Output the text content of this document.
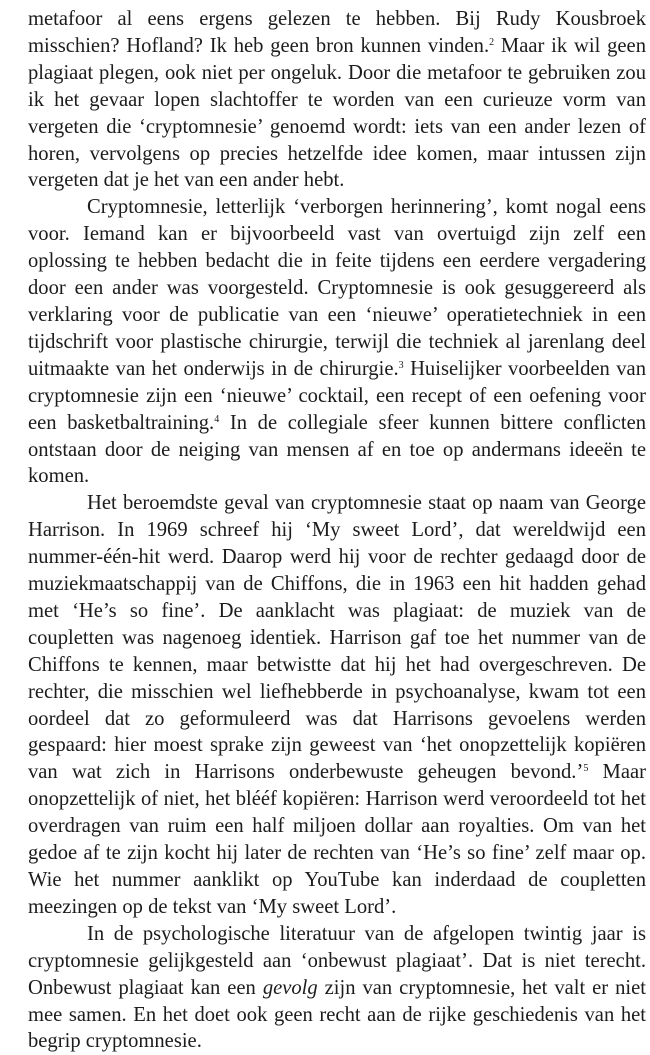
metafoor al eens ergens gelezen te hebben. Bij Rudy Kousbroek misschien? Hofland? Ik heb geen bron kunnen vinden.$^2$ Maar ik wil geen plagiaat plegen, ook niet per ongeluk. Door die metafoor te gebruiken zou ik het gevaar lopen slachtoffer te worden van een curieuze vorm van vergeten die ‘cryptomnesie’ genoemd wordt: iets van een ander lezen of horen, vervolgens op precies hetzelfde idee komen, maar intussen zijn vergeten dat je het van een ander hebt.

Cryptomnesie, letterlijk ‘verborgen herinnering’, komt nogal eens voor. Iemand kan er bijvoorbeeld vast van overtuigd zijn zelf een oplossing te hebben bedacht die in feite tijdens een eerdere vergadering door een ander was voorgesteld. Cryptomnesie is ook gesuggereerd als verklaring voor de publicatie van een ‘nieuwe’ operatietechniek in een tijdschrift voor plastische chirurgie, terwijl die techniek al jarenlang deel uitmaakte van het onderwijs in de chirurgie.$^3$ Huiselijker voorbeelden van cryptomnesie zijn een ‘nieuwe’ cocktail, een recept of een oefening voor een basketbaltraining.$^4$ In de collegiale sfeer kunnen bittere conflicten ontstaan door de neiging van mensen af en toe op andermans ideeën te komen.

Het beroemdste geval van cryptomnesie staat op naam van George Harrison. In 1969 schreef hij ‘My sweet Lord’, dat wereldwijd een nummer-één-hit werd. Daarop werd hij voor de rechter gedaagd door de muziekmaatschappij van de Chiffons, die in 1963 een hit hadden gehad met ‘He’s so fine’. De aanklacht was plagiaat: de muziek van de coupletten was nagenoeg identiek. Harrison gaf toe het nummer van de Chiffons te kennen, maar betwistte dat hij het had overgeschreven. De rechter, die misschien wel liefhebberde in psychoanalyse, kwam tot een oordeel dat zo geformuleerd was dat Harrisons gevoelens werden gespaard: hier moest sprake zijn geweest van ‘het onopzettelijk kopiëren van wat zich in Harrisons onderbewuste geheugen bevond.’$^5$ Maar onopzettelijk of niet, het blééf kopiëren: Harrison werd veroordeeld tot het overdragen van ruim een half miljoen dollar aan royalties. Om van het gedoe af te zijn kocht hij later de rechten van ‘He’s so fine’ zelf maar op. Wie het nummer aanklikt op YouTube kan inderdaad de coupletten meezingen op de tekst van ‘My sweet Lord’.

In de psychologische literatuur van de afgelopen twintig jaar is cryptomnesie gelijkgesteld aan ‘onbewust plagiaat’. Dat is niet terecht. Onbewust plagiaat kan een gevolg zijn van cryptomnesie, het valt er niet mee samen. En het doet ook geen recht aan de rijke geschiedenis van het begrip cryptomnesie.
